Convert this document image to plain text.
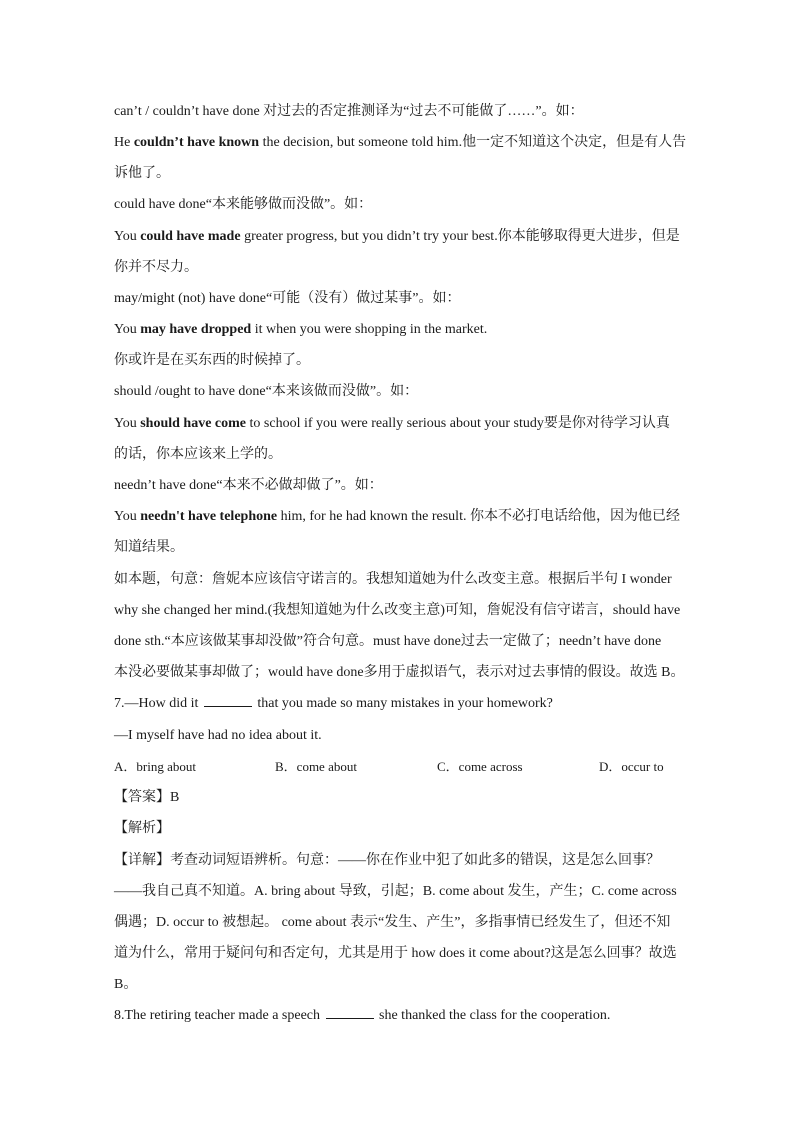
can’t / couldn’t have done 对过去的否定推测译为“过去不可能做了……”。如：
He couldn’t have known the decision, but someone told him.他一定不知道这个决定，但是有人告
诉他了。
could have done“本来能够做而没做”。如：
You could have made greater progress, but you didn’t try your best.你本能够取得更大进步，但是
你并不尽力。
may/might (not) have done“可能（没有）做过某事”。如：
You may have dropped it when you were shopping in the market.
你或许是在买东西的时候掉了。
should /ought to have done“本来该做而没做”。如：
You should have come to school if you were really serious about your study要是你对待学习认真
的话，你本应该来上学的。
needn’t have done“本来不必做却做了”。如：
You needn't have telephone him, for he had known the result. 你本不必打电话给他，因为他已经
知道结果。
如本题，句意：詹妮本应该信守诺言的。我想知道她为什么改变主意。根据后半句 I wonder
why she changed her mind.(我想知道她为什么改变主意)可知，詹妮没有信守诺言，should have
done sth.“本应该做某事却没做”符合句意。must have done过去一定做了；needn’t have done
本没必要做某事却做了；would have done多用于虚拟语气，表示对过去事情的假设。故选 B。
7.—How did it	that you made so many mistakes in your homework?
—I myself have had no idea about it.
A．bring about	B．come about	C．come across	D．occur to
【答案】B
【解析】
【详解】考查动词短语辨析。句意：——你在作业中犯了如此多的错误，这是怎么回事？
——我自己真不知道。A. bring about 导致，引起；B. come about 发生，产生；C. come across
偶遇；D. occur to 被想起。 come about 表示“发生、产生”，多指事情已经发生了，但还不知
道为什么，常用于疑问句和否定句，尤其是用于 how does it come about?这是怎么回事？故选
B。
8.The retiring teacher made a speech	she thanked the class for the cooperation.
